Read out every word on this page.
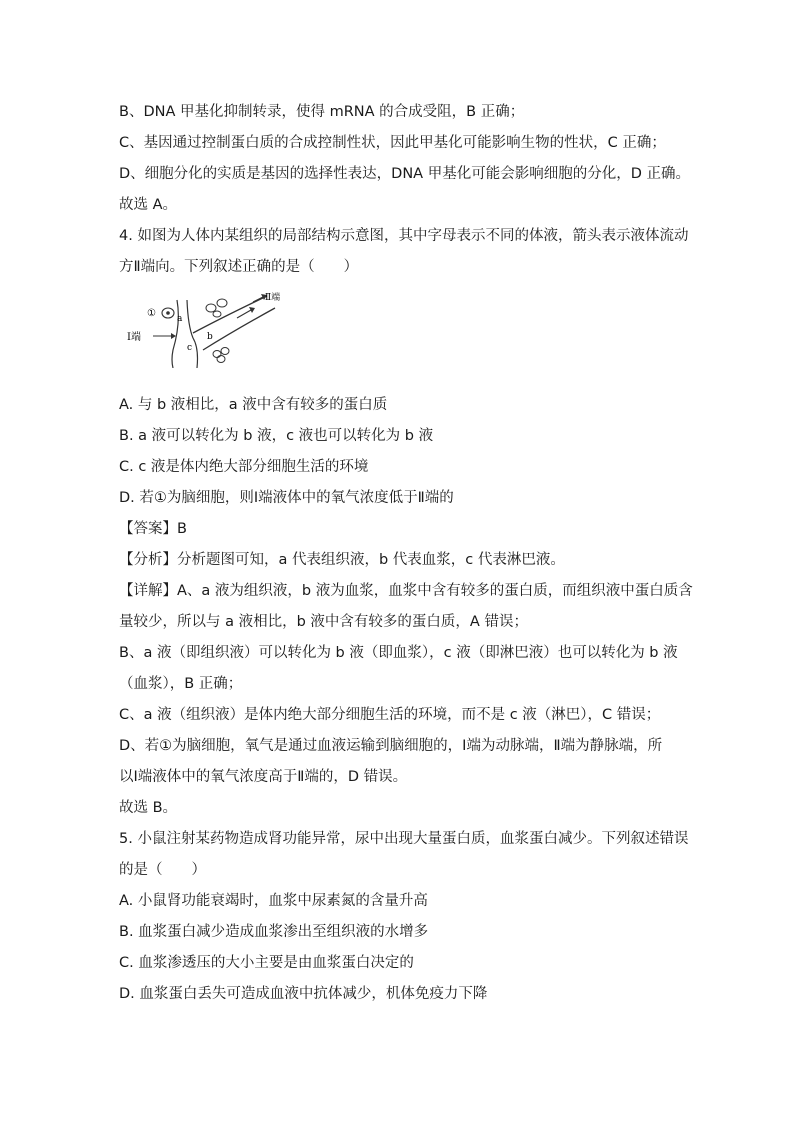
B、DNA 甲基化抑制转录，使得 mRNA 的合成受阻，B 正确；
C、基因通过控制蛋白质的合成控制性状，因此甲基化可能影响生物的性状，C 正确；
D、细胞分化的实质是基因的选择性表达，DNA 甲基化可能会影响细胞的分化，D 正确。
故选 A。
4. 如图为人体内某组织的局部结构示意图，其中字母表示不同的体液，箭头表示液体流动
方Ⅱ端向。下列叙述正确的是（　　）
①
Ⅰ端
Ⅱ端
a
b
c
A. 与 b 液相比，a 液中含有较多的蛋白质
B. a 液可以转化为 b 液，c 液也可以转化为 b 液
C. c 液是体内绝大部分细胞生活的环境
D. 若①为脑细胞，则Ⅰ端液体中的氧气浓度低于Ⅱ端的
【答案】B
【分析】分析题图可知，a 代表组织液，b 代表血浆，c 代表淋巴液。
【详解】A、a 液为组织液，b 液为血浆，血浆中含有较多的蛋白质，而组织液中蛋白质含
量较少，所以与 a 液相比，b 液中含有较多的蛋白质，A 错误；
B、a 液（即组织液）可以转化为 b 液（即血浆），c 液（即淋巴液）也可以转化为 b 液
（血浆），B 正确；
C、a 液（组织液）是体内绝大部分细胞生活的环境，而不是 c 液（淋巴），C 错误；
D、若①为脑细胞，氧气是通过血液运输到脑细胞的，Ⅰ端为动脉端，Ⅱ端为静脉端，所
以Ⅰ端液体中的氧气浓度高于Ⅱ端的，D 错误。
故选 B。
5. 小鼠注射某药物造成肾功能异常，尿中出现大量蛋白质，血浆蛋白减少。下列叙述错误
的是（　　）
A. 小鼠肾功能衰竭时，血浆中尿素氮的含量升高
B. 血浆蛋白减少造成血浆渗出至组织液的水增多
C. 血浆渗透压的大小主要是由血浆蛋白决定的
D. 血浆蛋白丢失可造成血液中抗体减少，机体免疫力下降
